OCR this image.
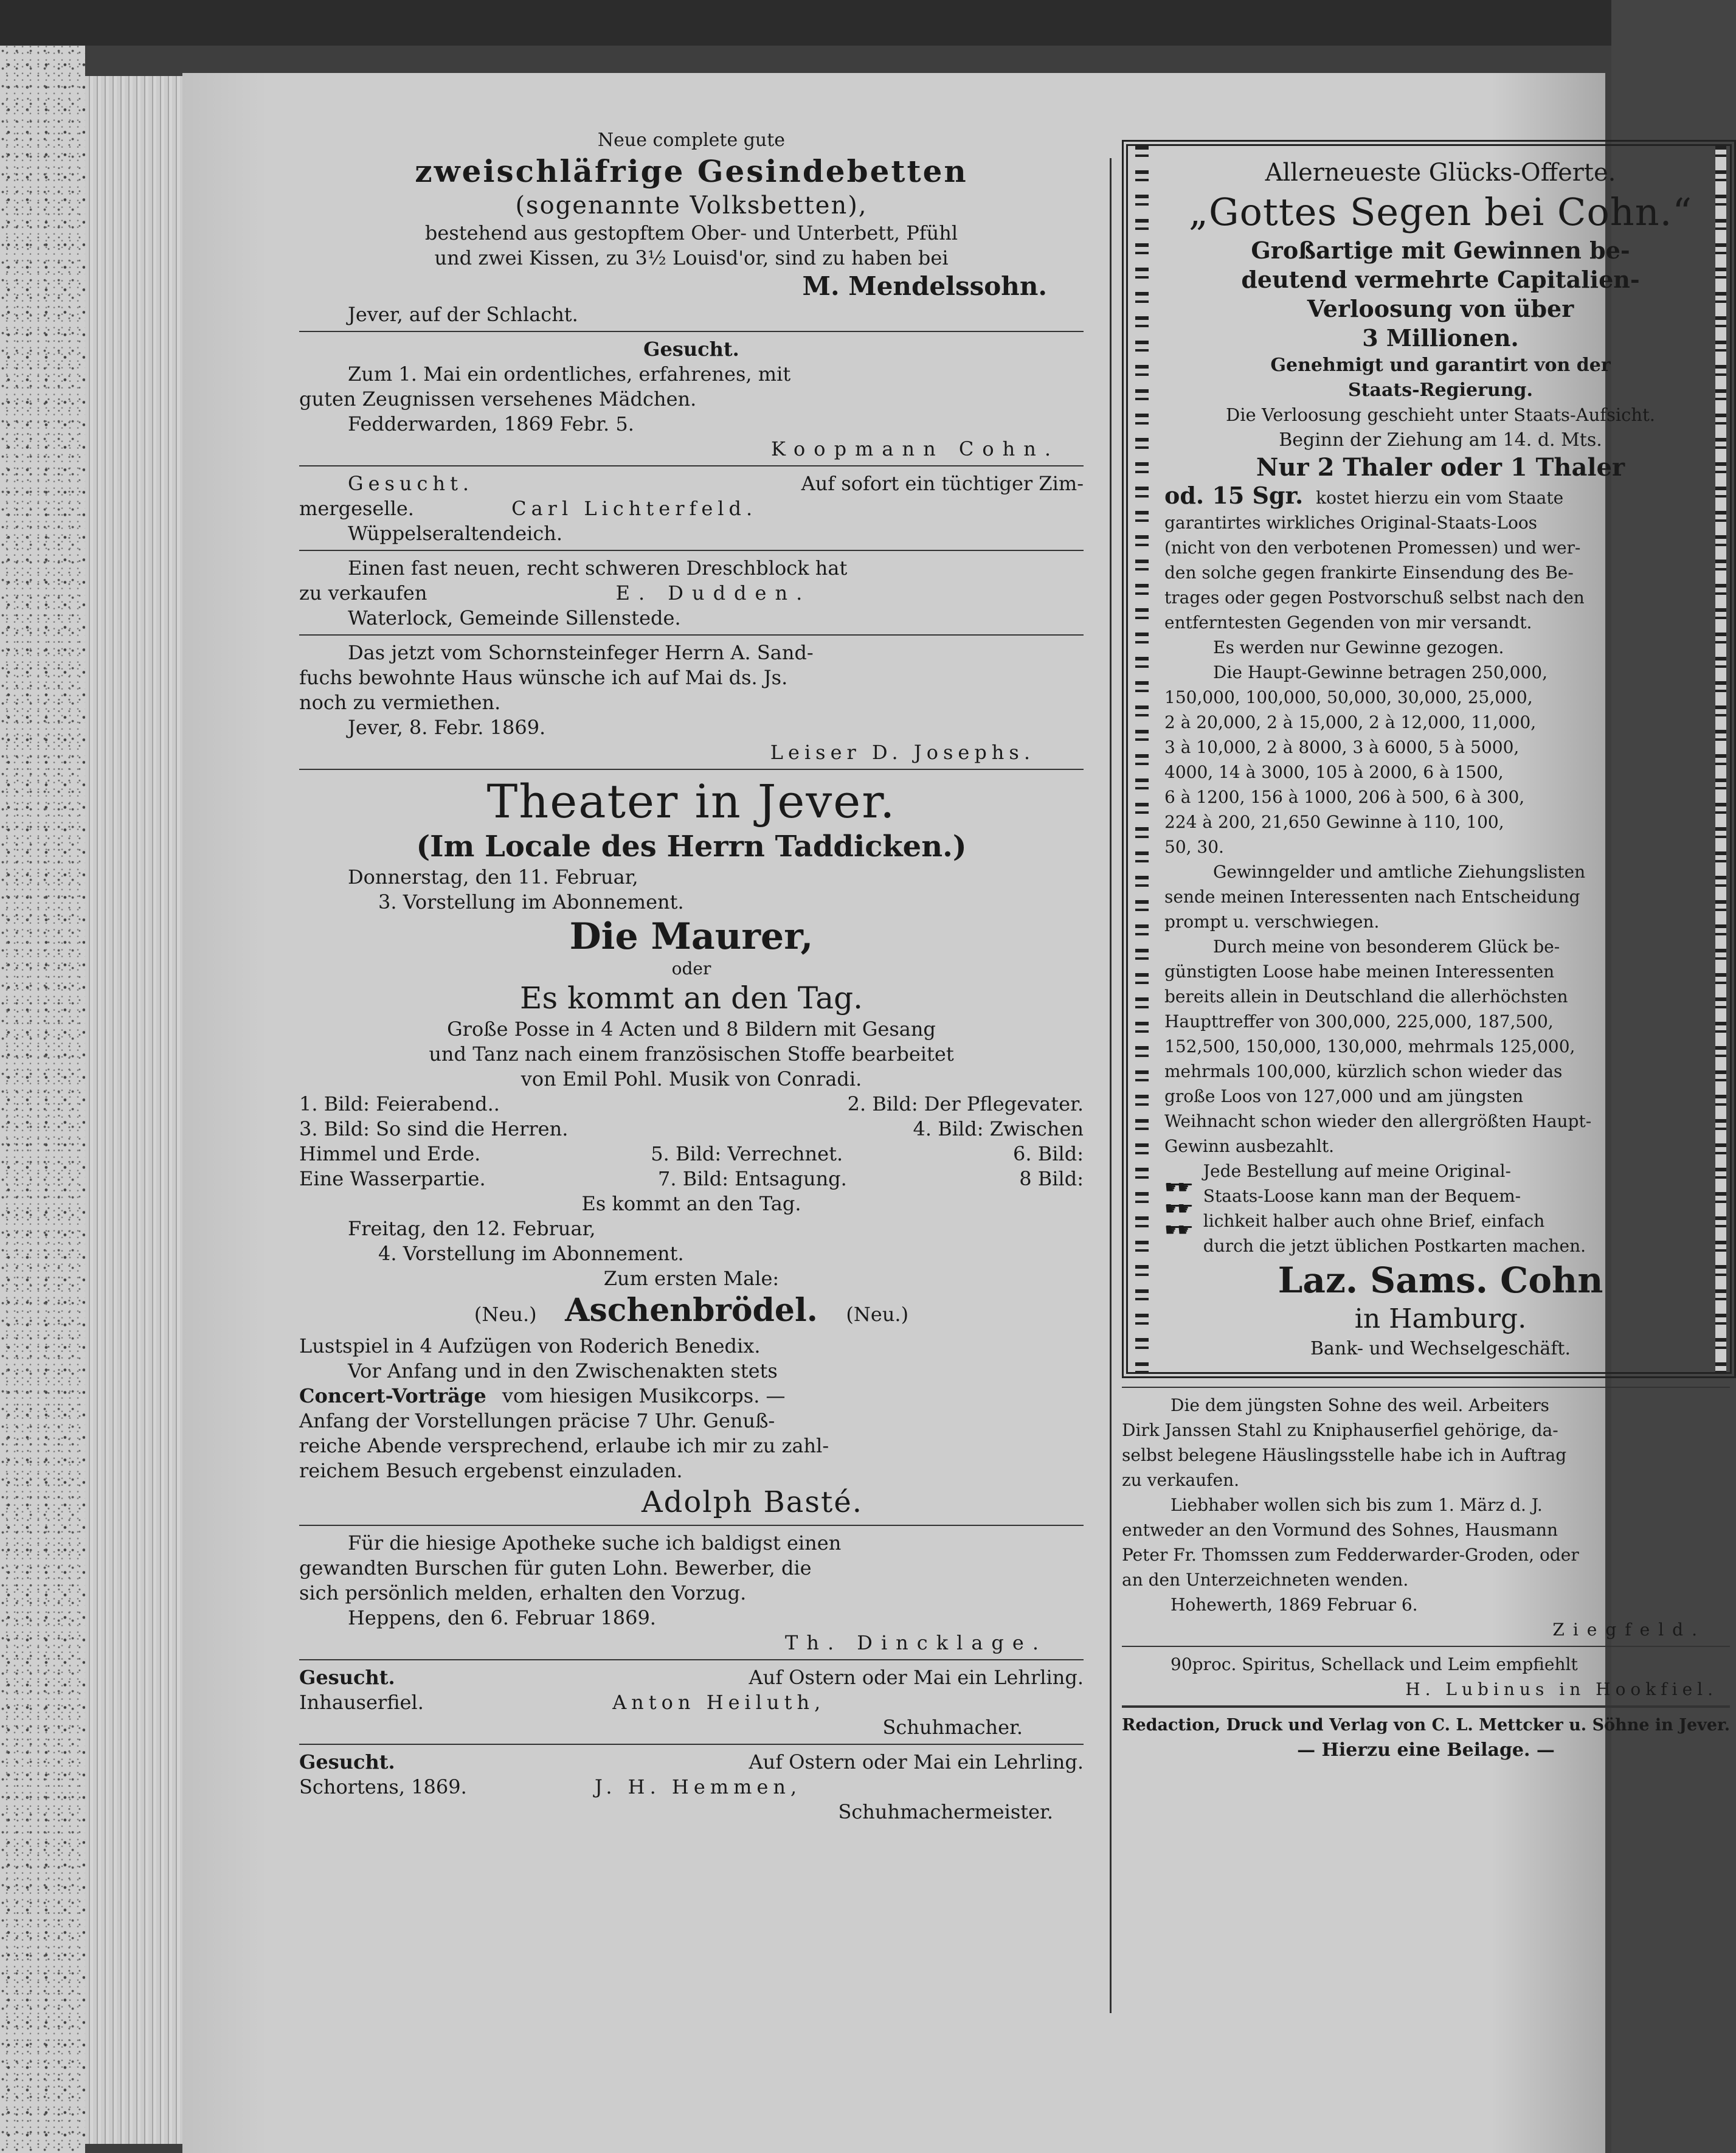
Neue complete gute
zweischläfrige Gesindebetten
(sogenannte Volksbetten),
bestehend aus gestopftem Ober- und Unterbett, Pfühl
und zwei Kissen, zu 3½ Louisd'or, sind zu haben bei
M. Mendelssohn.
Jever, auf der Schlacht.
Gesucht.
Zum 1. Mai ein ordentliches, erfahrenes, mit
guten Zeugnissen versehenes Mädchen.
Fedderwarden, 1869 Febr. 5.
Koopmann Cohn.
Gesucht.	Auf sofort ein tüchtiger Zim-
mergeselle.	Carl Lichterfeld.
Wüppelseraltendeich.
Einen fast neuen, recht schweren Dreschblock hat
zu verkaufen	E. Dudden.
Waterlock, Gemeinde Sillenstede.
Das jetzt vom Schornsteinfeger Herrn A. Sand-
fuchs bewohnte Haus wünsche ich auf Mai ds. Js.
noch zu vermiethen.
Jever, 8. Febr. 1869.
Leiser D. Josephs.
Theater in Jever.
(Im Locale des Herrn Taddicken.)
Donnerstag, den 11. Februar,
3. Vorstellung im Abonnement.
Die Maurer,
oder
Es kommt an den Tag.
Große Posse in 4 Acten und 8 Bildern mit Gesang
und Tanz nach einem französischen Stoffe bearbeitet
von Emil Pohl. Musik von Conradi.
1. Bild: Feierabend..	2. Bild: Der Pflegevater.
3. Bild: So sind die Herren.	4. Bild: Zwischen
Himmel und Erde.	5. Bild: Verrechnet.	6. Bild:
Eine Wasserpartie.	7. Bild: Entsagung.	8 Bild:
Es kommt an den Tag.
Freitag, den 12. Februar,
4. Vorstellung im Abonnement.
Zum ersten Male:
(Neu.) Aschenbrödel. (Neu.)
Lustspiel in 4 Aufzügen von Roderich Benedix.
Vor Anfang und in den Zwischenakten stets
Concert-Vorträge vom hiesigen Musikcorps. —
Anfang der Vorstellungen präcise 7 Uhr. Genuß-
reiche Abende versprechend, erlaube ich mir zu zahl-
reichem Besuch ergebenst einzuladen.
Adolph Basté.
Für die hiesige Apotheke suche ich baldigst einen
gewandten Burschen für guten Lohn. Bewerber, die
sich persönlich melden, erhalten den Vorzug.
Heppens, den 6. Februar 1869.
Th. Dincklage.
Gesucht.	Auf Ostern oder Mai ein Lehrling.
Inhauserfiel.	Anton Heiluth,
Schuhmacher.
Gesucht.	Auf Ostern oder Mai ein Lehrling.
Schortens, 1869.	J. H. Hemmen,
Schuhmachermeister.
Allerneueste Glücks-Offerte.
„Gottes Segen bei Cohn.“
Großartige mit Gewinnen be-
deutend vermehrte Capitalien-
Verloosung von über
3 Millionen.
Genehmigt und garantirt von der
Staats-Regierung.
Die Verloosung geschieht unter Staats-Aufsicht.
Beginn der Ziehung am 14. d. Mts.
Nur 2 Thaler oder 1 Thaler
od. 15 Sgr. kostet hierzu ein vom Staate
garantirtes wirkliches Original-Staats-Loos
(nicht von den verbotenen Promessen) und wer-
den solche gegen frankirte Einsendung des Be-
trages oder gegen Postvorschuß selbst nach den
entferntesten Gegenden von mir versandt.
Es werden nur Gewinne gezogen.
Die Haupt-Gewinne betragen 250,000,
150,000, 100,000, 50,000, 30,000, 25,000,
2 à 20,000, 2 à 15,000, 2 à 12,000, 11,000,
3 à 10,000, 2 à 8000, 3 à 6000, 5 à 5000,
4000, 14 à 3000, 105 à 2000, 6 à 1500,
6 à 1200, 156 à 1000, 206 à 500, 6 à 300,
224 à 200, 21,650 Gewinne à 110, 100,
50, 30.
Gewinngelder und amtliche Ziehungslisten
sende meinen Interessenten nach Entscheidung
prompt u. verschwiegen.
Durch meine von besonderem Glück be-
günstigten Loose habe meinen Interessenten
bereits allein in Deutschland die allerhöchsten
Haupttreffer von 300,000, 225,000, 187,500,
152,500, 150,000, 130,000, mehrmals 125,000,
mehrmals 100,000, kürzlich schon wieder das
große Loos von 127,000 und am jüngsten
Weihnacht schon wieder den allergrößten Haupt-
Gewinn ausbezahlt.
☛☛
☛☛
☛☛
Jede Bestellung auf meine Original-
Staats-Loose kann man der Bequem-
lichkeit halber auch ohne Brief, einfach
durch die jetzt üblichen Postkarten machen.
Laz. Sams. Cohn
in Hamburg.
Bank- und Wechselgeschäft.
Die dem jüngsten Sohne des weil. Arbeiters
Dirk Janssen Stahl zu Kniphauserfiel gehörige, da-
selbst belegene Häuslingsstelle habe ich in Auftrag
zu verkaufen.
Liebhaber wollen sich bis zum 1. März d. J.
entweder an den Vormund des Sohnes, Hausmann
Peter Fr. Thomssen zum Fedderwarder-Groden, oder
an den Unterzeichneten wenden.
Hohewerth, 1869 Februar 6.
Ziegfeld.
90proc. Spiritus, Schellack und Leim empfiehlt
H. Lubinus in Hookfiel.
Redaction, Druck und Verlag von C. L. Mettcker u. Söhne in Jever.
— Hierzu eine Beilage. —
